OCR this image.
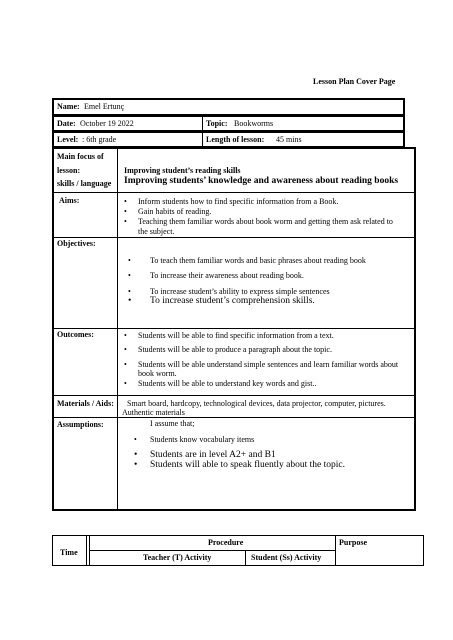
Lesson Plan Cover Page
Name: Emel Ertunç
Date: October 19 2022	Topic: Bookworms
Level: : 6th grade	Length of lesson: 45 mins
Main focus of
lesson:
skills / language
Improving student’s reading skills
Improving students’ knowledge and awareness about reading books
Aims:	• Inform students how to find specific information from a Book.
• Gain habits of reading.
• Teaching them familiar words about book worm and getting them ask related to
the subject.
Objectives:
• To teach them familiar words and basic phrases about reading book
• To increase their awareness about reading book.
• To increase student’s ability to express simple sentences
• To increase student’s comprehension skills.
Outcomes:	• Students will be able to find specific information from a text.
• Students will be able to produce a paragraph about the topic.
• Students will be able understand simple sentences and learn familiar words about
book worm.
• Students will be able to understand key words and gist..
Materials / Aids: Smart board, hardcopy, technological devices, data projector, computer, pictures.
Authentic materials
Assumptions:	I assume that;
• Students know vocabulary items
• Students are in level A2+ and B1
• Students will able to speak fluently about the topic.
Time
Procedure	Purpose
Teacher (T) Activity	Student (Ss) Activity
